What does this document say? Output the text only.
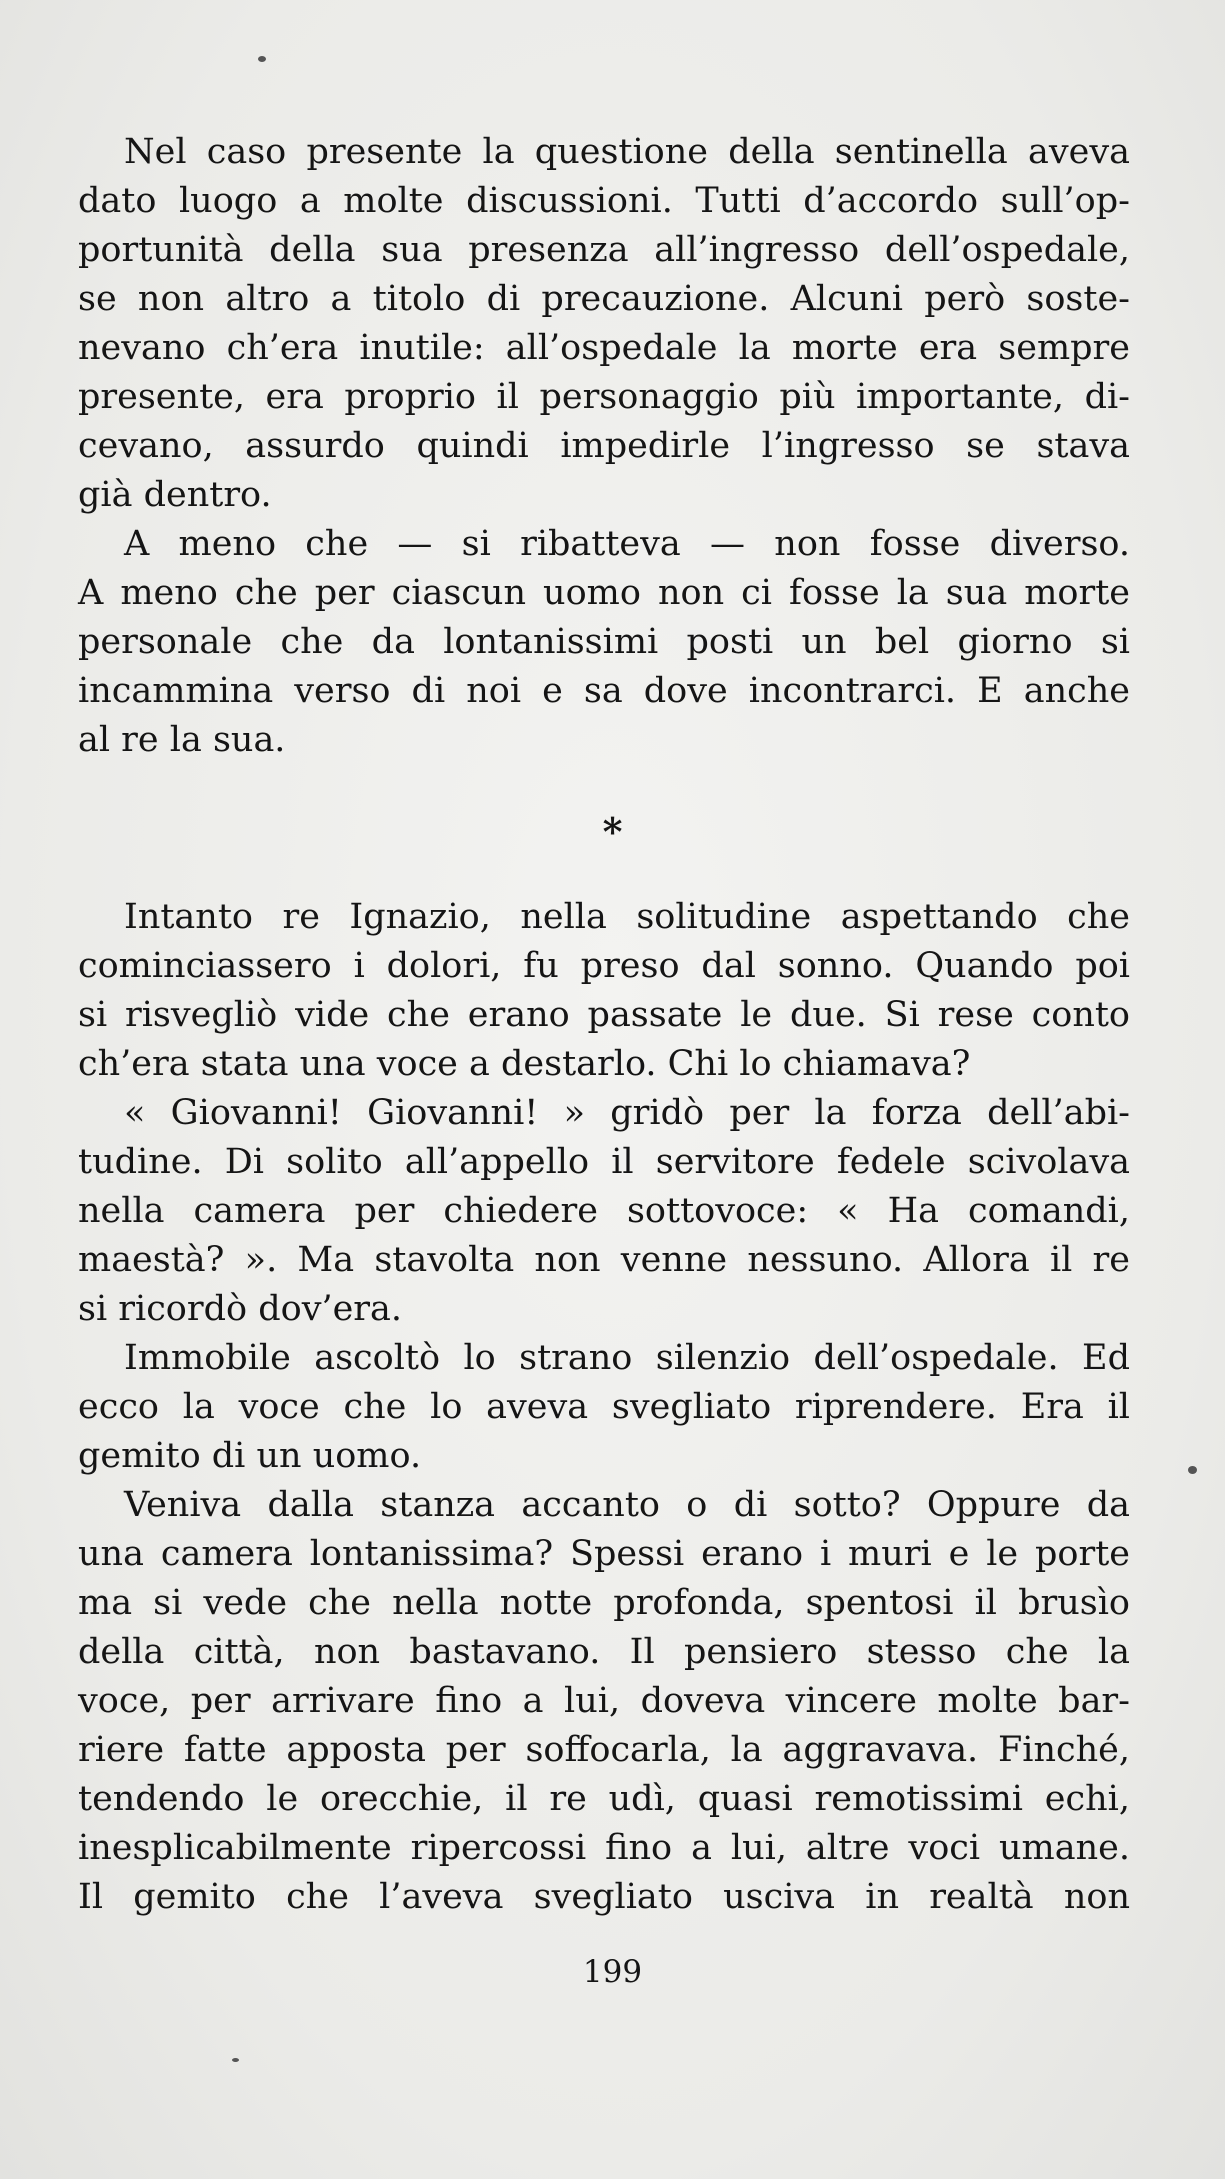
Nel caso presente la questione della sentinella aveva
dato luogo a molte discussioni. Tutti d’accordo sull’op-
portunità della sua presenza all’ingresso dell’ospedale,
se non altro a titolo di precauzione. Alcuni però soste-
nevano ch’era inutile: all’ospedale la morte era sempre
presente, era proprio il personaggio più importante, di-
cevano, assurdo quindi impedirle l’ingresso se stava
già dentro.

A meno che — si ribatteva — non fosse diverso.
A meno che per ciascun uomo non ci fosse la sua morte
personale che da lontanissimi posti un bel giorno si
incammina verso di noi e sa dove incontrarci. E anche
al re la sua.

*

Intanto re Ignazio, nella solitudine aspettando che
cominciassero i dolori, fu preso dal sonno. Quando poi
si risvegliò vide che erano passate le due. Si rese conto
ch’era stata una voce a destarlo. Chi lo chiamava?

« Giovanni! Giovanni! » gridò per la forza dell’abi-
tudine. Di solito all’appello il servitore fedele scivolava
nella camera per chiedere sottovoce: « Ha comandi,
maestà? ». Ma stavolta non venne nessuno. Allora il re
si ricordò dov’era.

Immobile ascoltò lo strano silenzio dell’ospedale. Ed
ecco la voce che lo aveva svegliato riprendere. Era il
gemito di un uomo.

Veniva dalla stanza accanto o di sotto? Oppure da
una camera lontanissima? Spessi erano i muri e le porte
ma si vede che nella notte profonda, spentosi il brusìo
della città, non bastavano. Il pensiero stesso che la
voce, per arrivare fino a lui, doveva vincere molte bar-
riere fatte apposta per soffocarla, la aggravava. Finché,
tendendo le orecchie, il re udì, quasi remotissimi echi,
inesplicabilmente ripercossi fino a lui, altre voci umane.
Il gemito che l’aveva svegliato usciva in realtà non

199
